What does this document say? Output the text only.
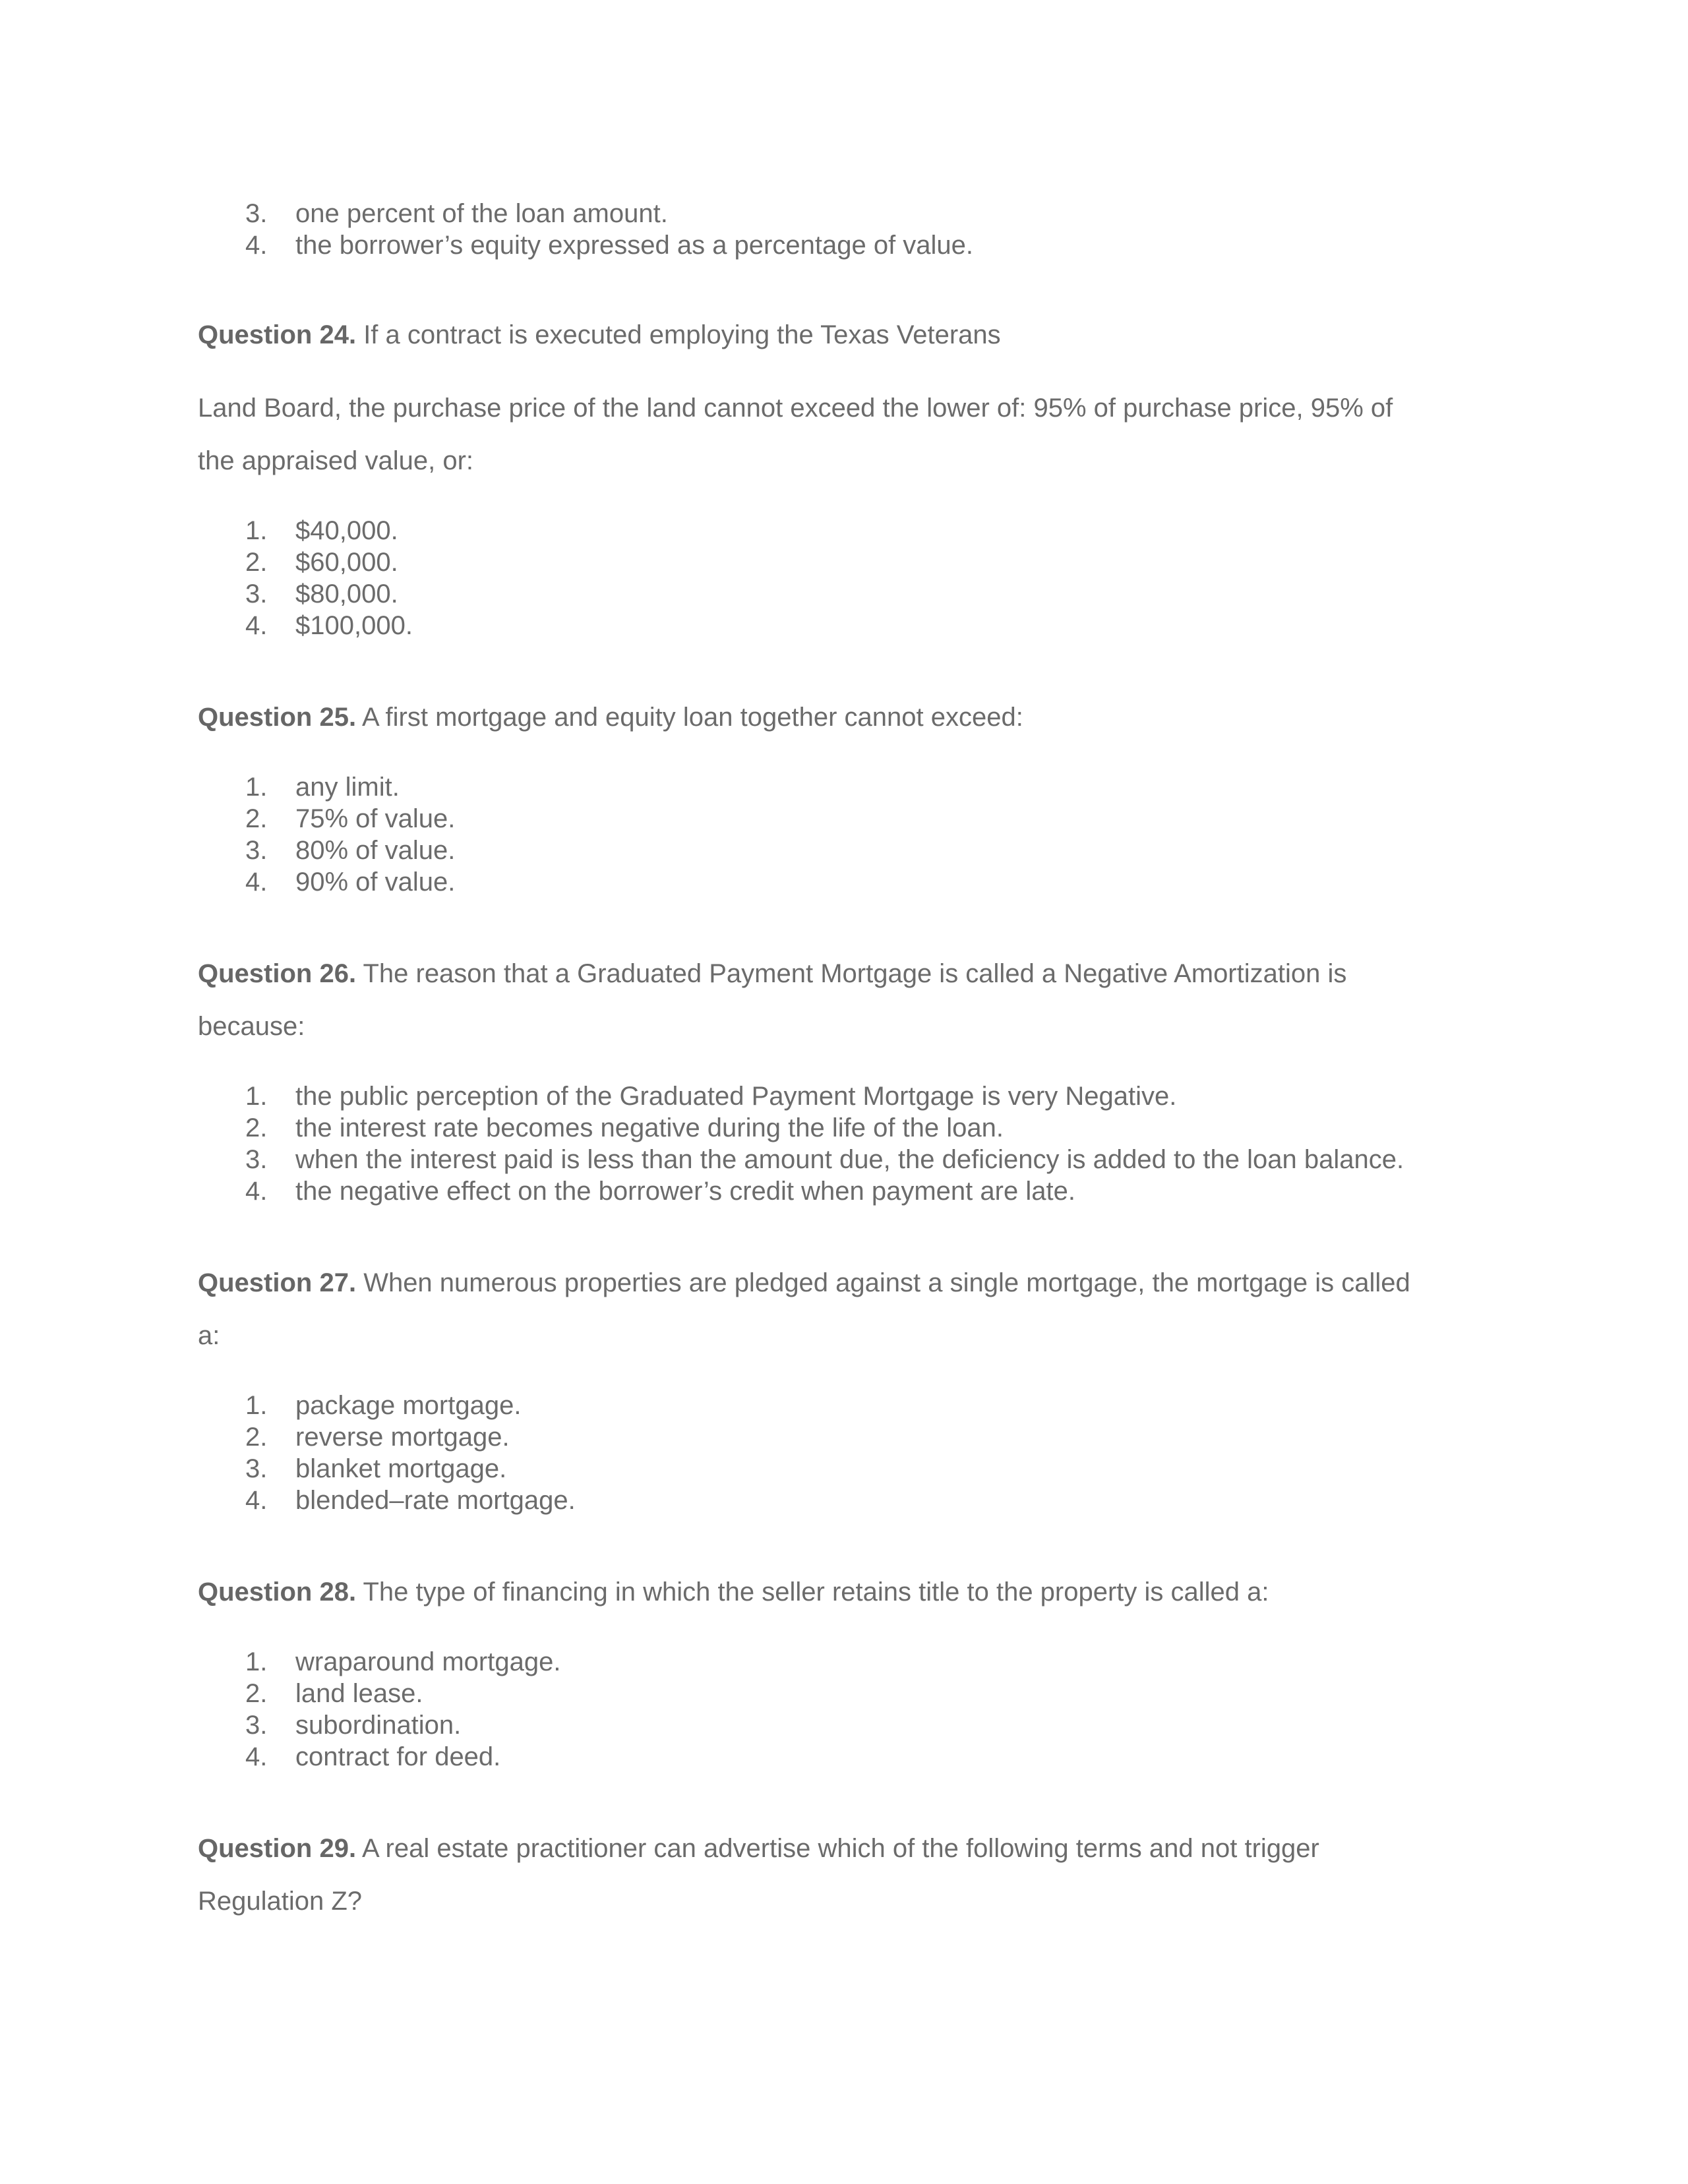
3. one percent of the loan amount.
4. the borrower’s equity expressed as a percentage of value.
Question 24. If a contract is executed employing the Texas Veterans
Land Board, the purchase price of the land cannot exceed the lower of: 95% of purchase price, 95% of
the appraised value, or:
1. $40,000.
2. $60,000.
3. $80,000.
4. $100,000.
Question 25. A first mortgage and equity loan together cannot exceed:
1. any limit.
2. 75% of value.
3. 80% of value.
4. 90% of value.
Question 26. The reason that a Graduated Payment Mortgage is called a Negative Amortization is
because:
1. the public perception of the Graduated Payment Mortgage is very Negative.
2. the interest rate becomes negative during the life of the loan.
3. when the interest paid is less than the amount due, the deficiency is added to the loan balance.
4. the negative effect on the borrower’s credit when payment are late.
Question 27. When numerous properties are pledged against a single mortgage, the mortgage is called
a:
1. package mortgage.
2. reverse mortgage.
3. blanket mortgage.
4. blended–rate mortgage.
Question 28. The type of financing in which the seller retains title to the property is called a:
1. wraparound mortgage.
2. land lease.
3. subordination.
4. contract for deed.
Question 29. A real estate practitioner can advertise which of the following terms and not trigger
Regulation Z?
